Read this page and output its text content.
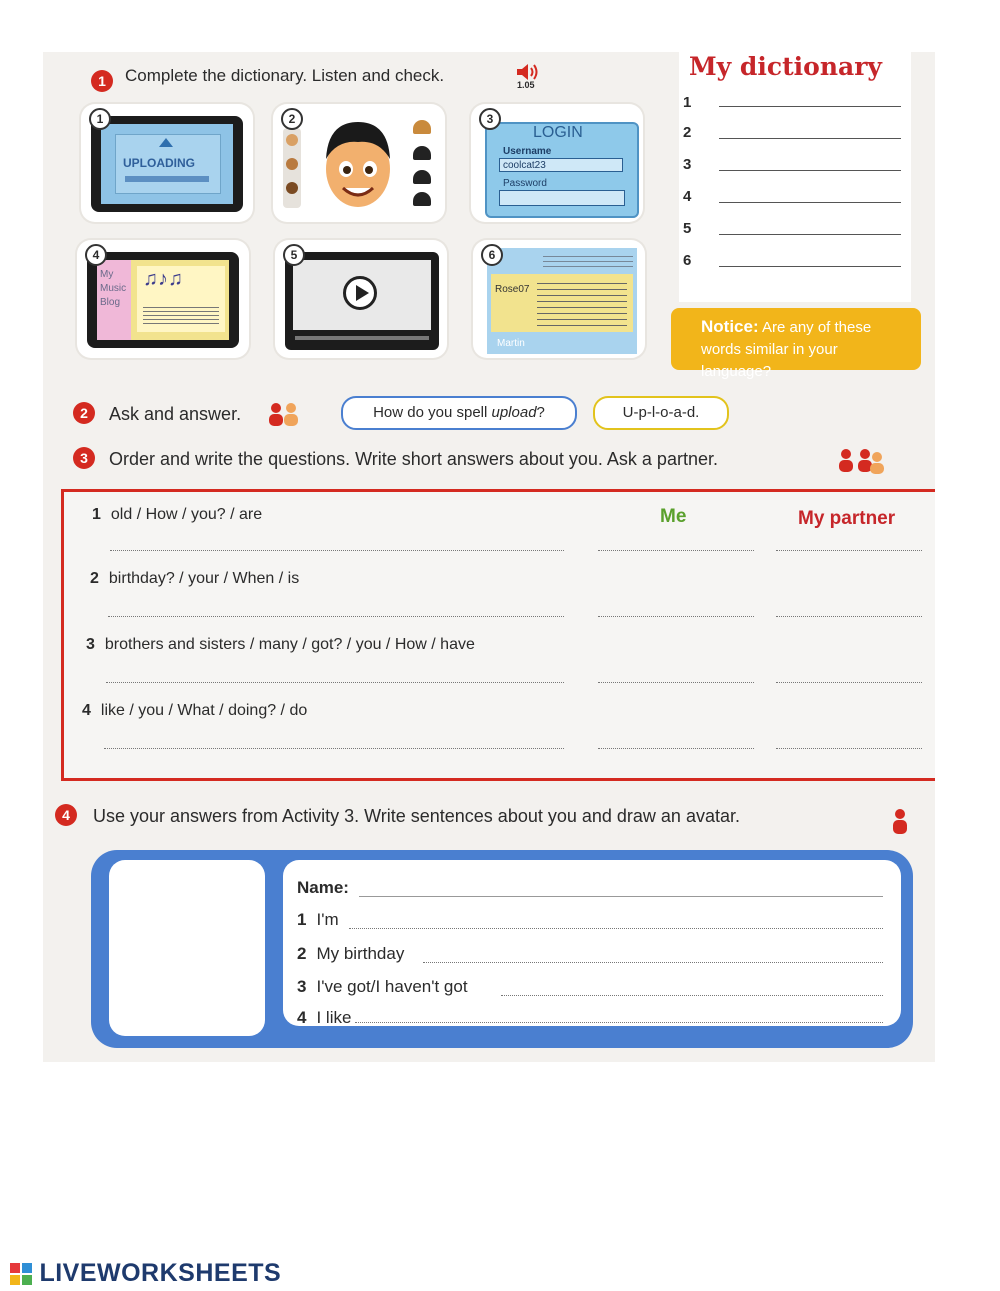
1	Complete the dictionary. Listen and check.	1.05
UPLOADING
1	2
LOGIN
Username
coolcat23
Password
3
My Music Blog
♫♪♫
4	5
Rose07
Martin
6
My dictionary
1
2
3
4
5
6
Notice: Are any of these words similar in your language?
2	Ask and answer.	How do you spell upload?	U-p-l-o-a-d.
3	Order and write the questions. Write short answers about you. Ask a partner.
Me	My partner
1 old / How / you? / are
2 birthday? / your / When / is
3 brothers and sisters / many / got? / you / How / have
4 like / you / What / doing? / do
4	Use your answers from Activity 3. Write sentences about you and draw an avatar.
Name:
1 I'm
2 My birthday
3 I've got/I haven't got
4 I like
LIVEWORKSHEETS
